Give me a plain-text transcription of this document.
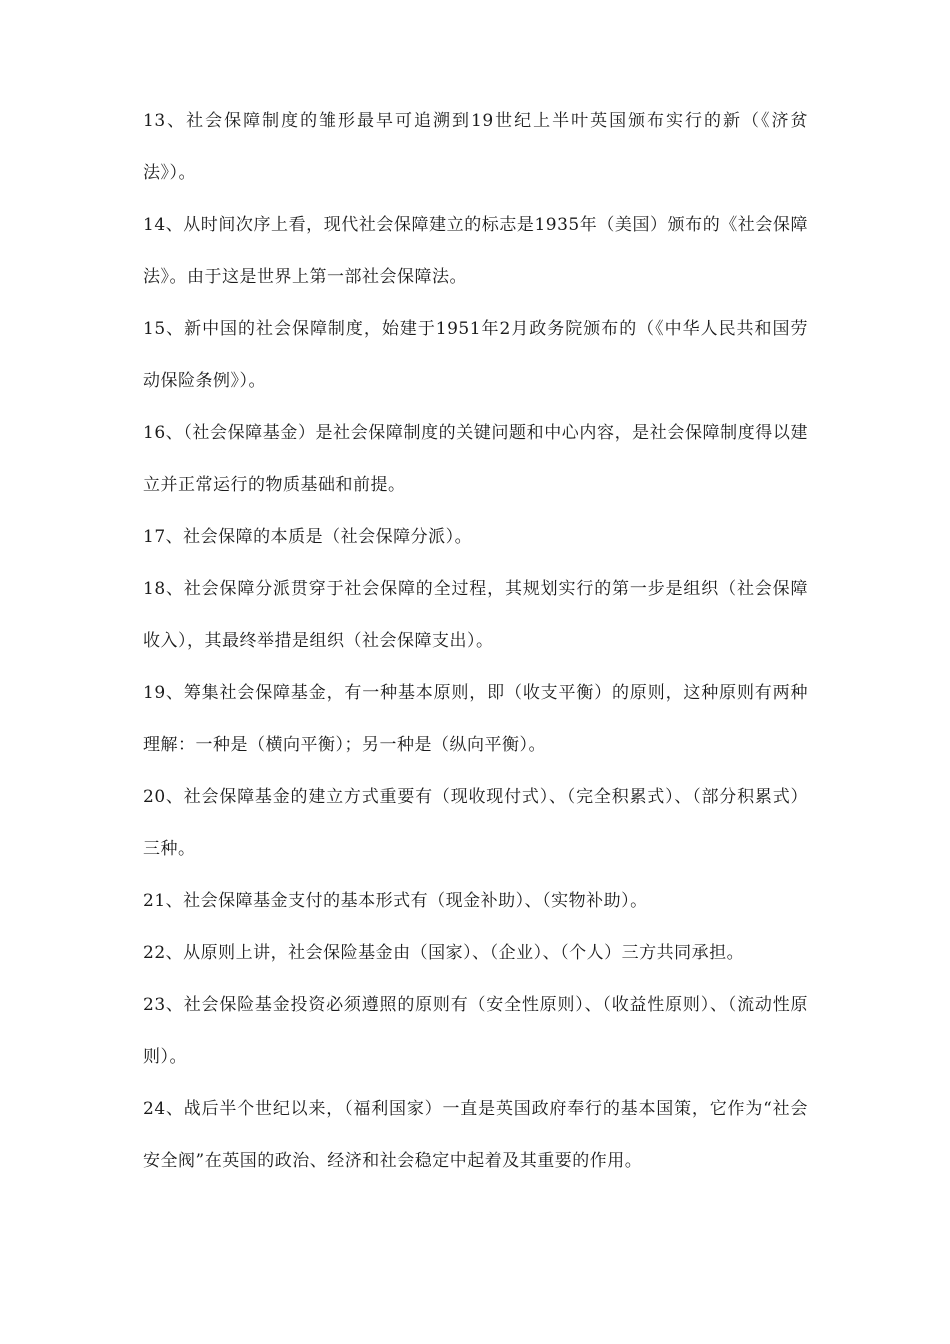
13、社会保障制度的雏形最早可追溯到19世纪上半叶英国颁布实行的新（《济贫法》）。

14、从时间次序上看，现代社会保障建立的标志是1935年（美国）颁布的《社会保障法》。由于这是世界上第一部社会保障法。

15、新中国的社会保障制度，始建于1951年2月政务院颁布的（《中华人民共和国劳动保险条例》）。

16、（社会保障基金）是社会保障制度的关键问题和中心内容，是社会保障制度得以建立并正常运行的物质基础和前提。

17、社会保障的本质是（社会保障分派）。

18、社会保障分派贯穿于社会保障的全过程，其规划实行的第一步是组织（社会保障收入），其最终举措是组织（社会保障支出）。

19、筹集社会保障基金，有一种基本原则，即（收支平衡）的原则，这种原则有两种理解：一种是（横向平衡）；另一种是（纵向平衡）。

20、社会保障基金的建立方式重要有（现收现付式）、（完全积累式）、（部分积累式）三种。

21、社会保障基金支付的基本形式有（现金补助）、（实物补助）。

22、从原则上讲，社会保险基金由（国家）、（企业）、（个人）三方共同承担。

23、社会保险基金投资必须遵照的原则有（安全性原则）、（收益性原则）、（流动性原则）。

24、战后半个世纪以来，（福利国家）一直是英国政府奉行的基本国策，它作为“社会安全阀”在英国的政治、经济和社会稳定中起着及其重要的作用。
